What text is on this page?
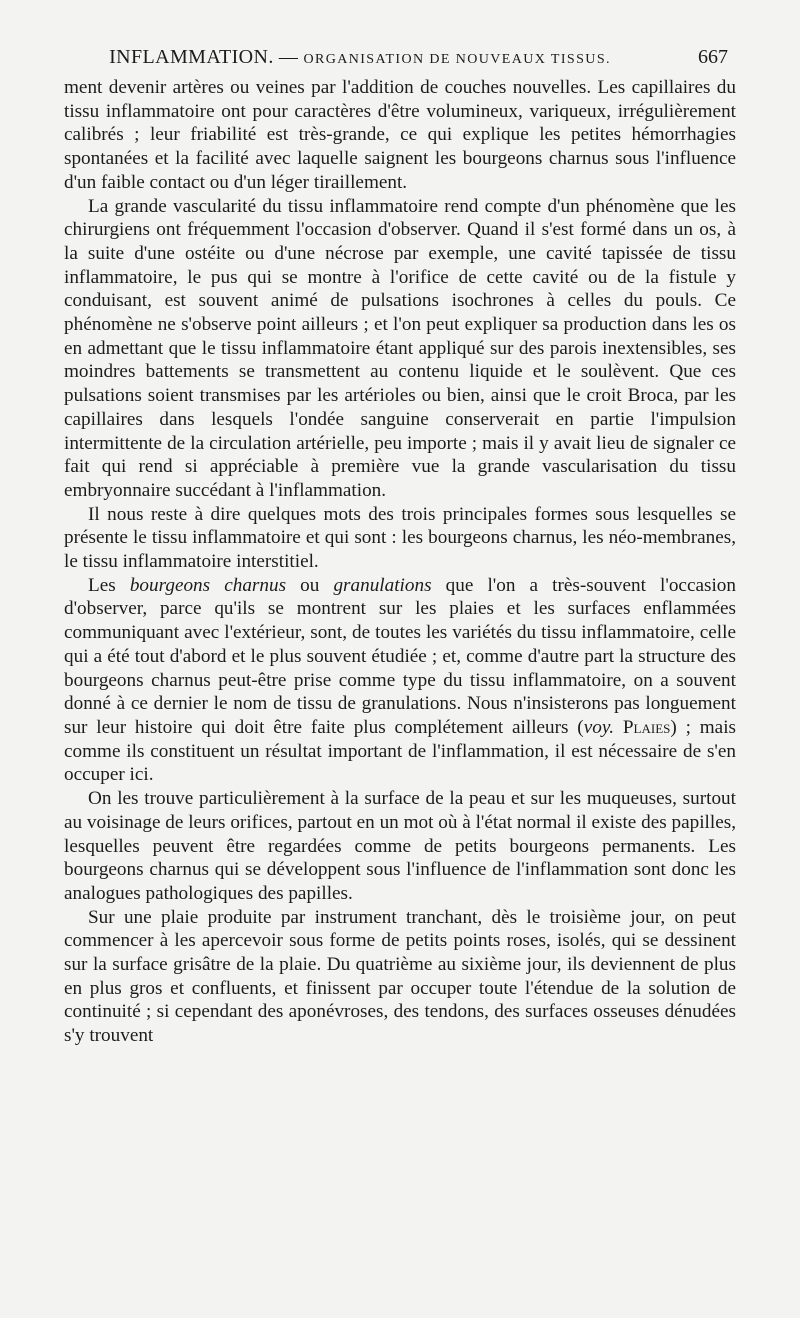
INFLAMMATION. — ORGANISATION DE NOUVEAUX TISSUS.	667

ment devenir artères ou veines par l'addition de couches nouvelles. Les capillaires du tissu inflammatoire ont pour caractères d'être volumineux, variqueux, irrégulièrement calibrés ; leur friabilité est très-grande, ce qui explique les petites hémorrhagies spontanées et la facilité avec laquelle saignent les bourgeons charnus sous l'influence d'un faible contact ou d'un léger tiraillement.

La grande vascularité du tissu inflammatoire rend compte d'un phénomène que les chirurgiens ont fréquemment l'occasion d'observer. Quand il s'est formé dans un os, à la suite d'une ostéite ou d'une nécrose par exemple, une cavité tapissée de tissu inflammatoire, le pus qui se montre à l'orifice de cette cavité ou de la fistule y conduisant, est souvent animé de pulsations isochrones à celles du pouls. Ce phénomène ne s'observe point ailleurs ; et l'on peut expliquer sa production dans les os en admettant que le tissu inflammatoire étant appliqué sur des parois inextensibles, ses moindres battements se transmettent au contenu liquide et le soulèvent. Que ces pulsations soient transmises par les artérioles ou bien, ainsi que le croit Broca, par les capillaires dans lesquels l'ondée sanguine conserverait en partie l'impulsion intermittente de la circulation artérielle, peu importe ; mais il y avait lieu de signaler ce fait qui rend si appréciable à première vue la grande vascularisation du tissu embryonnaire succédant à l'inflammation.

Il nous reste à dire quelques mots des trois principales formes sous lesquelles se présente le tissu inflammatoire et qui sont : les bourgeons charnus, les néo-membranes, le tissu inflammatoire interstitiel.

Les bourgeons charnus ou granulations que l'on a très-souvent l'occasion d'observer, parce qu'ils se montrent sur les plaies et les surfaces enflammées communiquant avec l'extérieur, sont, de toutes les variétés du tissu inflammatoire, celle qui a été tout d'abord et le plus souvent étudiée ; et, comme d'autre part la structure des bourgeons charnus peut-être prise comme type du tissu inflammatoire, on a souvent donné à ce dernier le nom de tissu de granulations. Nous n'insisterons pas longuement sur leur histoire qui doit être faite plus complétement ailleurs (voy. Plaies) ; mais comme ils constituent un résultat important de l'inflammation, il est nécessaire de s'en occuper ici.

On les trouve particulièrement à la surface de la peau et sur les muqueuses, surtout au voisinage de leurs orifices, partout en un mot où à l'état normal il existe des papilles, lesquelles peuvent être regardées comme de petits bourgeons permanents. Les bourgeons charnus qui se développent sous l'influence de l'inflammation sont donc les analogues pathologiques des papilles.

Sur une plaie produite par instrument tranchant, dès le troisième jour, on peut commencer à les apercevoir sous forme de petits points roses, isolés, qui se dessinent sur la surface grisâtre de la plaie. Du quatrième au sixième jour, ils deviennent de plus en plus gros et confluents, et finissent par occuper toute l'étendue de la solution de continuité ; si cependant des aponévroses, des tendons, des surfaces osseuses dénudées s'y trouvent
